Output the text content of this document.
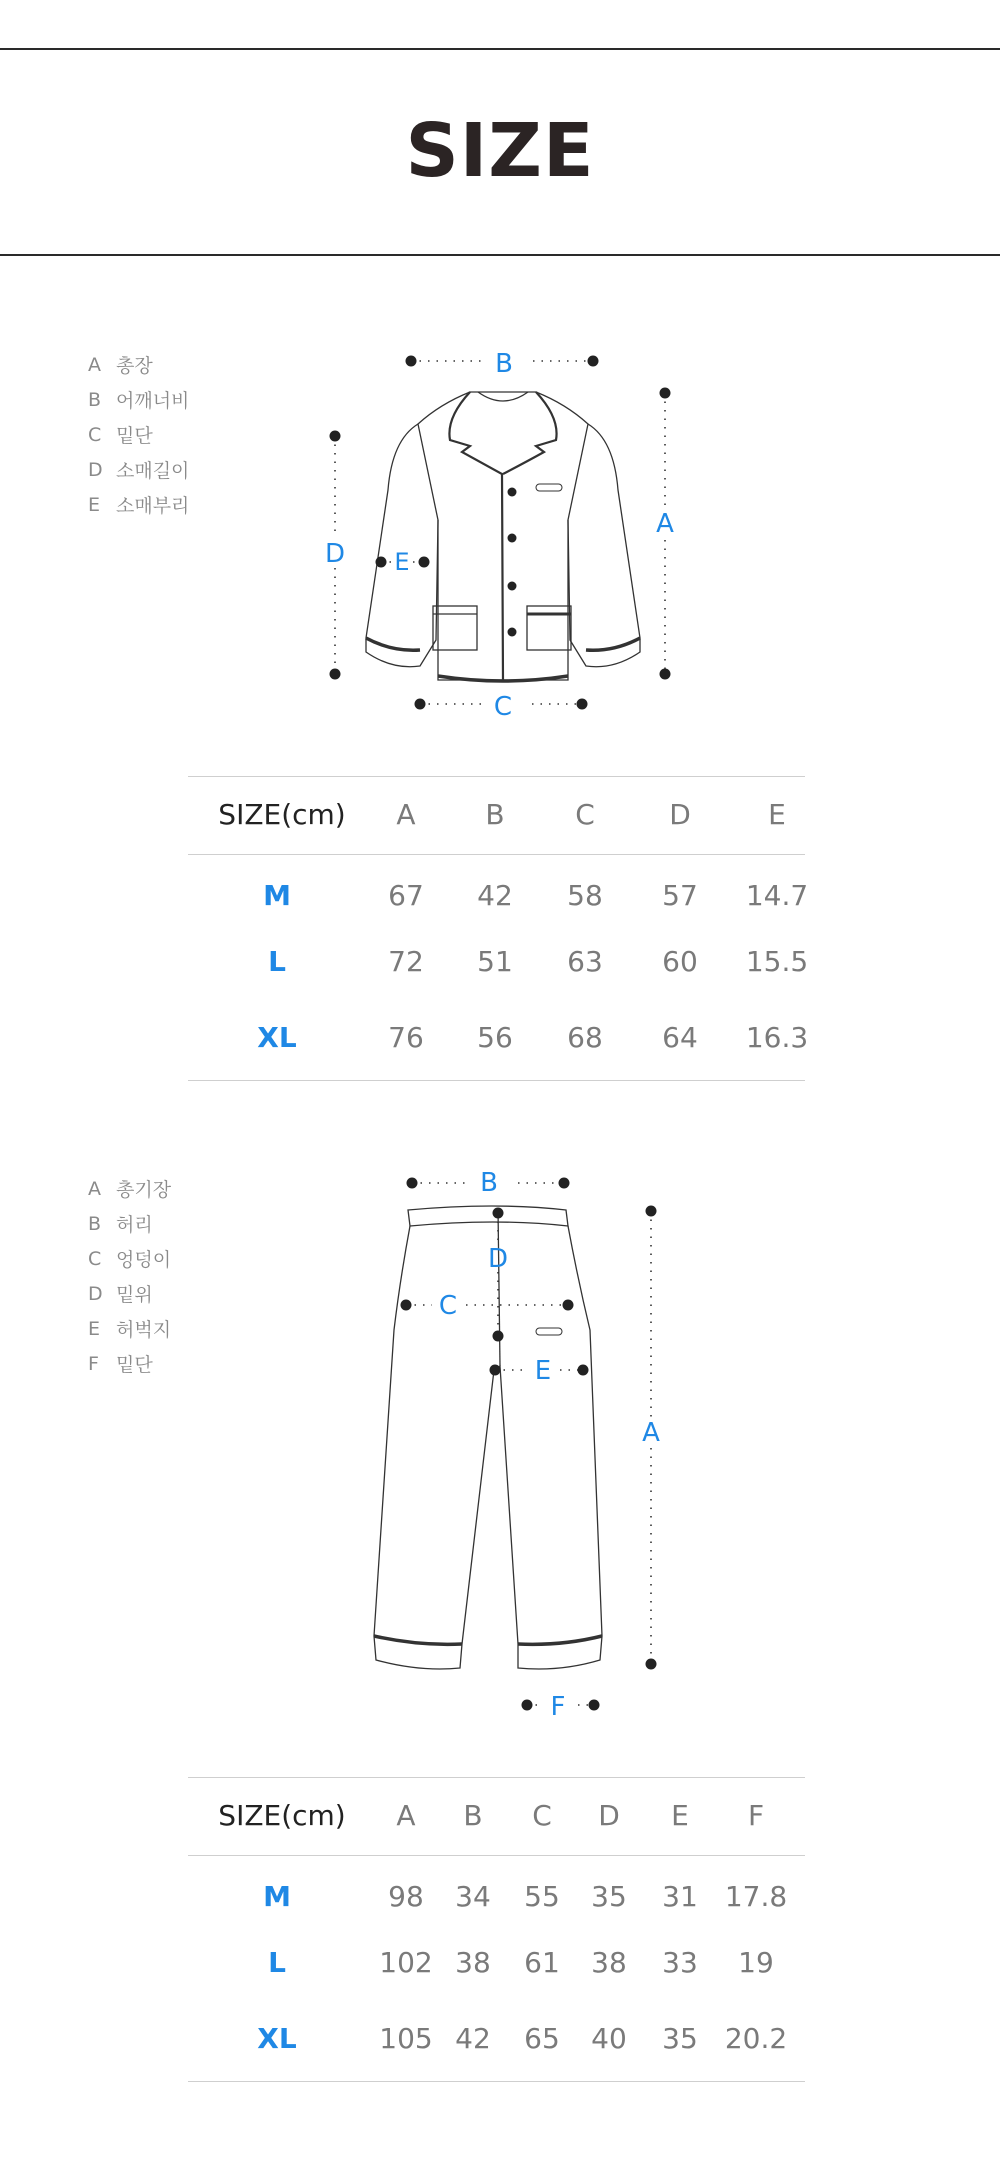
SIZE
A 총장
B 어깨너비
C 밑단
D 소매길이
E 소매부리
B
A
D E
C
SIZE(cm) A B	C	D	E
M	67 42 58 57 14.7
L	72 51 63 60 15.5
XL	76 56 68 64 16.3
A 총기장
B 허리
C 엉덩이
D 밑위
E 허벅지
F 밑단
B
D
C
E
A
F
SIZE(cm) A B C D E F
M	98 34 55 35 31 17.8
L	102 38 61 38 33 19
XL	105 42 65 40 35 20.2
